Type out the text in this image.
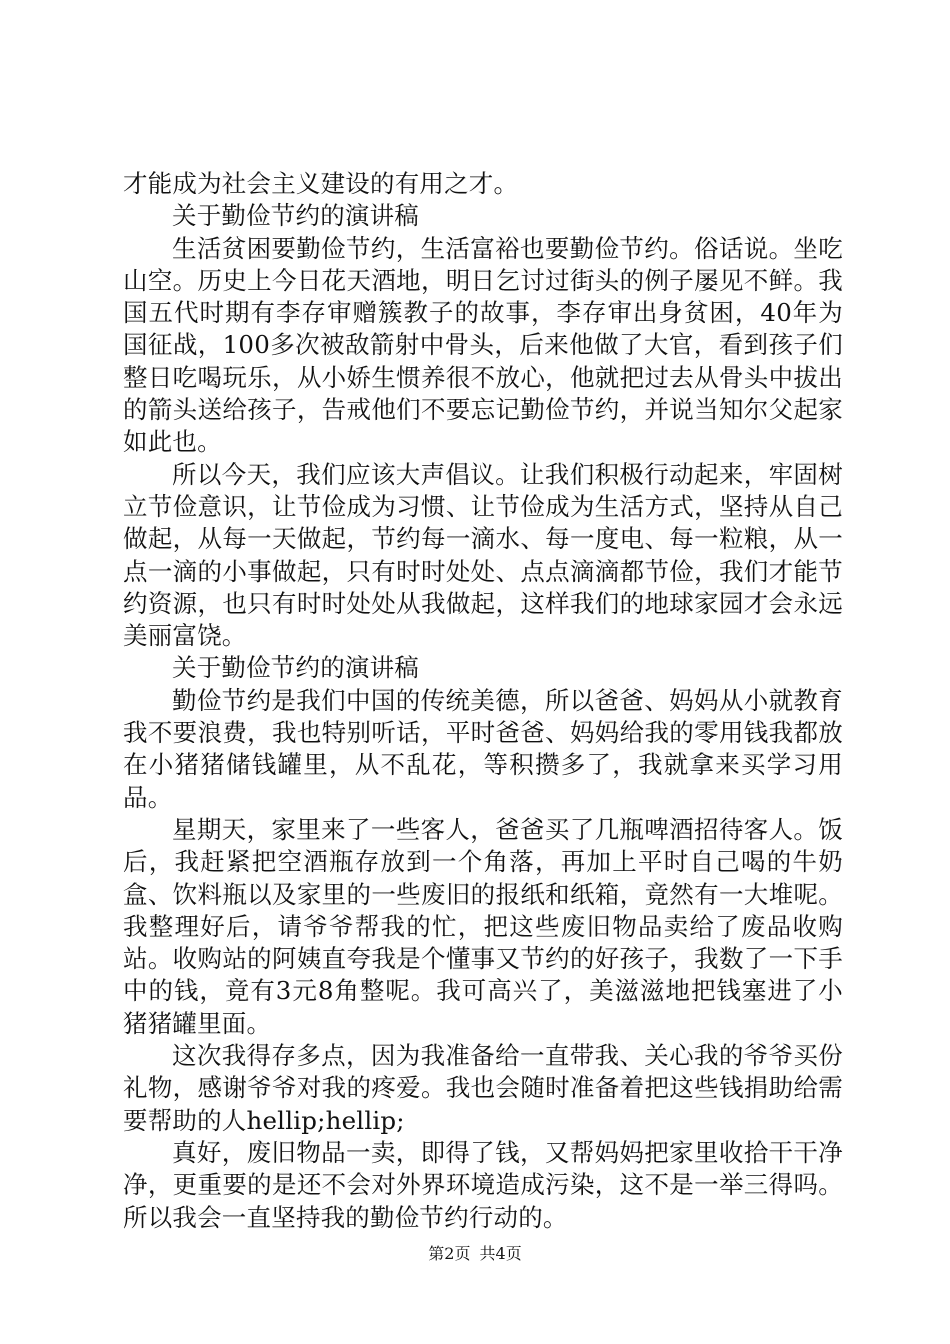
才能成为社会主义建设的有用之才。

关于勤俭节约的演讲稿

生活贫困要勤俭节约，生活富裕也要勤俭节约。俗话说。坐吃山空。历史上今日花天酒地，明日乞讨过街头的例子屡见不鲜。我国五代时期有李存审赠簇教子的故事，李存审出身贫困，40年为国征战，100多次被敌箭射中骨头，后来他做了大官，看到孩子们整日吃喝玩乐，从小娇生惯养很不放心，他就把过去从骨头中拔出的箭头送给孩子，告戒他们不要忘记勤俭节约，并说当知尔父起家如此也。

所以今天，我们应该大声倡议。让我们积极行动起来，牢固树立节俭意识，让节俭成为习惯、让节俭成为生活方式，坚持从自己做起，从每一天做起，节约每一滴水、每一度电、每一粒粮，从一点一滴的小事做起，只有时时处处、点点滴滴都节俭，我们才能节约资源，也只有时时处处从我做起，这样我们的地球家园才会永远美丽富饶。

关于勤俭节约的演讲稿

勤俭节约是我们中国的传统美德，所以爸爸、妈妈从小就教育我不要浪费，我也特别听话，平时爸爸、妈妈给我的零用钱我都放在小猪猪储钱罐里，从不乱花，等积攒多了，我就拿来买学习用品。

星期天，家里来了一些客人，爸爸买了几瓶啤酒招待客人。饭后，我赶紧把空酒瓶存放到一个角落，再加上平时自己喝的牛奶盒、饮料瓶以及家里的一些废旧的报纸和纸箱，竟然有一大堆呢。我整理好后，请爷爷帮我的忙，把这些废旧物品卖给了废品收购站。收购站的阿姨直夸我是个懂事又节约的好孩子，我数了一下手中的钱，竟有3元8角整呢。我可高兴了，美滋滋地把钱塞进了小猪猪罐里面。

这次我得存多点，因为我准备给一直带我、关心我的爷爷买份礼物，感谢爷爷对我的疼爱。我也会随时准备着把这些钱捐助给需要帮助的人hellip;hellip;

真好，废旧物品一卖，即得了钱，又帮妈妈把家里收拾干干净净，更重要的是还不会对外界环境造成污染，这不是一举三得吗。所以我会一直坚持我的勤俭节约行动的。

第2页 共4页
